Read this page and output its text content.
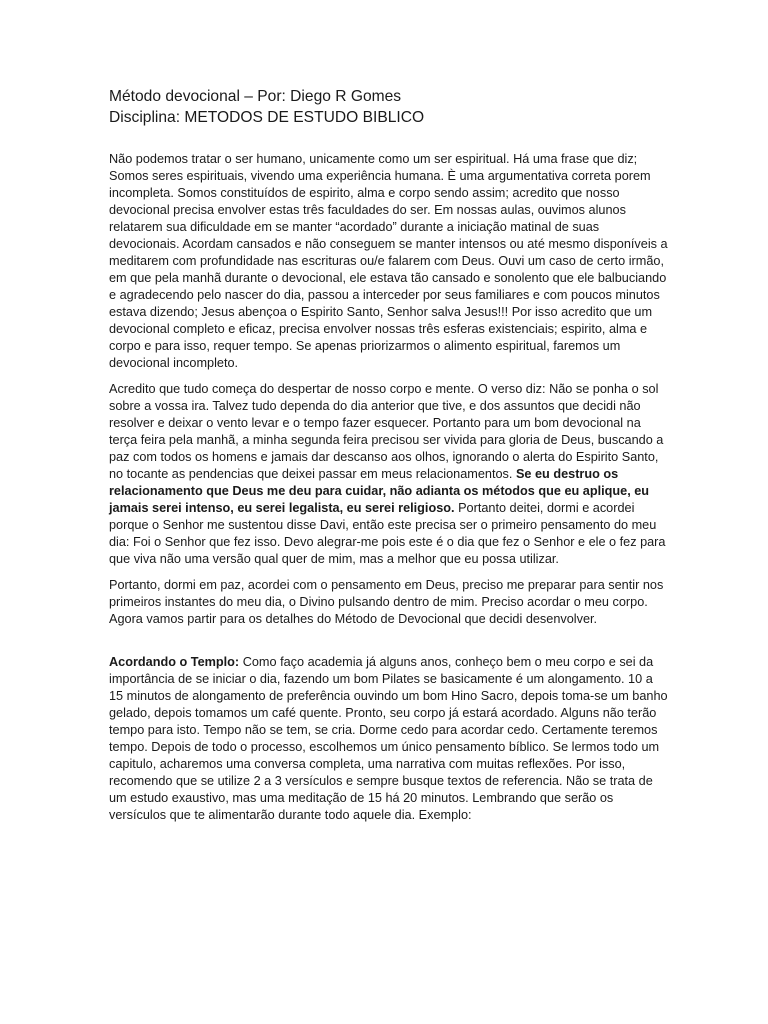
Método devocional – Por: Diego R Gomes
Disciplina: METODOS DE ESTUDO BIBLICO

Não podemos tratar o ser humano, unicamente como um ser espiritual. Há uma frase que diz; Somos seres espirituais, vivendo uma experiência humana. È uma argumentativa correta porem incompleta. Somos constituídos de espirito, alma e corpo sendo assim; acredito que nosso devocional precisa envolver estas três faculdades do ser. Em nossas aulas, ouvimos alunos relatarem sua dificuldade em se manter “acordado” durante a iniciação matinal de suas devocionais. Acordam cansados e não conseguem se manter intensos ou até mesmo disponíveis a meditarem com profundidade nas escrituras ou/e falarem com Deus. Ouvi um caso de certo irmão, em que pela manhã durante o devocional, ele estava tão cansado e sonolento que ele balbuciando e agradecendo pelo nascer do dia, passou a interceder por seus familiares e com poucos minutos estava dizendo; Jesus abençoa o Espirito Santo, Senhor salva Jesus!!! Por isso acredito que um devocional completo e eficaz, precisa envolver nossas três esferas existenciais; espirito, alma e corpo e para isso, requer tempo. Se apenas priorizarmos o alimento espiritual, faremos um devocional incompleto.

Acredito que tudo começa do despertar de nosso corpo e mente. O verso diz: Não se ponha o sol sobre a vossa ira. Talvez tudo dependa do dia anterior que tive, e dos assuntos que decidi não resolver e deixar o vento levar e o tempo fazer esquecer. Portanto para um bom devocional na terça feira pela manhã, a minha segunda feira precisou ser vivida para gloria de Deus, buscando a paz com todos os homens e jamais dar descanso aos olhos, ignorando o alerta do Espirito Santo, no tocante as pendencias que deixei passar em meus relacionamentos. Se eu destruo os relacionamento que Deus me deu para cuidar, não adianta os métodos que eu aplique, eu jamais serei intenso, eu serei legalista, eu serei religioso. Portanto deitei, dormi e acordei porque o Senhor me sustentou disse Davi, então este precisa ser o primeiro pensamento do meu dia: Foi o Senhor que fez isso. Devo alegrar-me pois este é o dia que fez o Senhor e ele o fez para que viva não uma versão qual quer de mim, mas a melhor que eu possa utilizar.

Portanto, dormi em paz, acordei com o pensamento em Deus, preciso me preparar para sentir nos primeiros instantes do meu dia, o Divino pulsando dentro de mim. Preciso acordar o meu corpo. Agora vamos partir para os detalhes do Método de Devocional que decidi desenvolver.

Acordando o Templo: Como faço academia já alguns anos, conheço bem o meu corpo e sei da importância de se iniciar o dia, fazendo um bom Pilates se basicamente é um alongamento. 10 a 15 minutos de alongamento de preferência ouvindo um bom Hino Sacro, depois toma-se um banho gelado, depois tomamos um café quente. Pronto, seu corpo já estará acordado. Alguns não terão tempo para isto. Tempo não se tem, se cria. Dorme cedo para acordar cedo. Certamente teremos tempo. Depois de todo o processo, escolhemos um único pensamento bíblico. Se lermos todo um capitulo, acharemos uma conversa completa, uma narrativa com muitas reflexões. Por isso, recomendo que se utilize 2 a 3 versículos e sempre busque textos de referencia. Não se trata de um estudo exaustivo, mas uma meditação de 15 há 20 minutos. Lembrando que serão os versículos que te alimentarão durante todo aquele dia. Exemplo:
